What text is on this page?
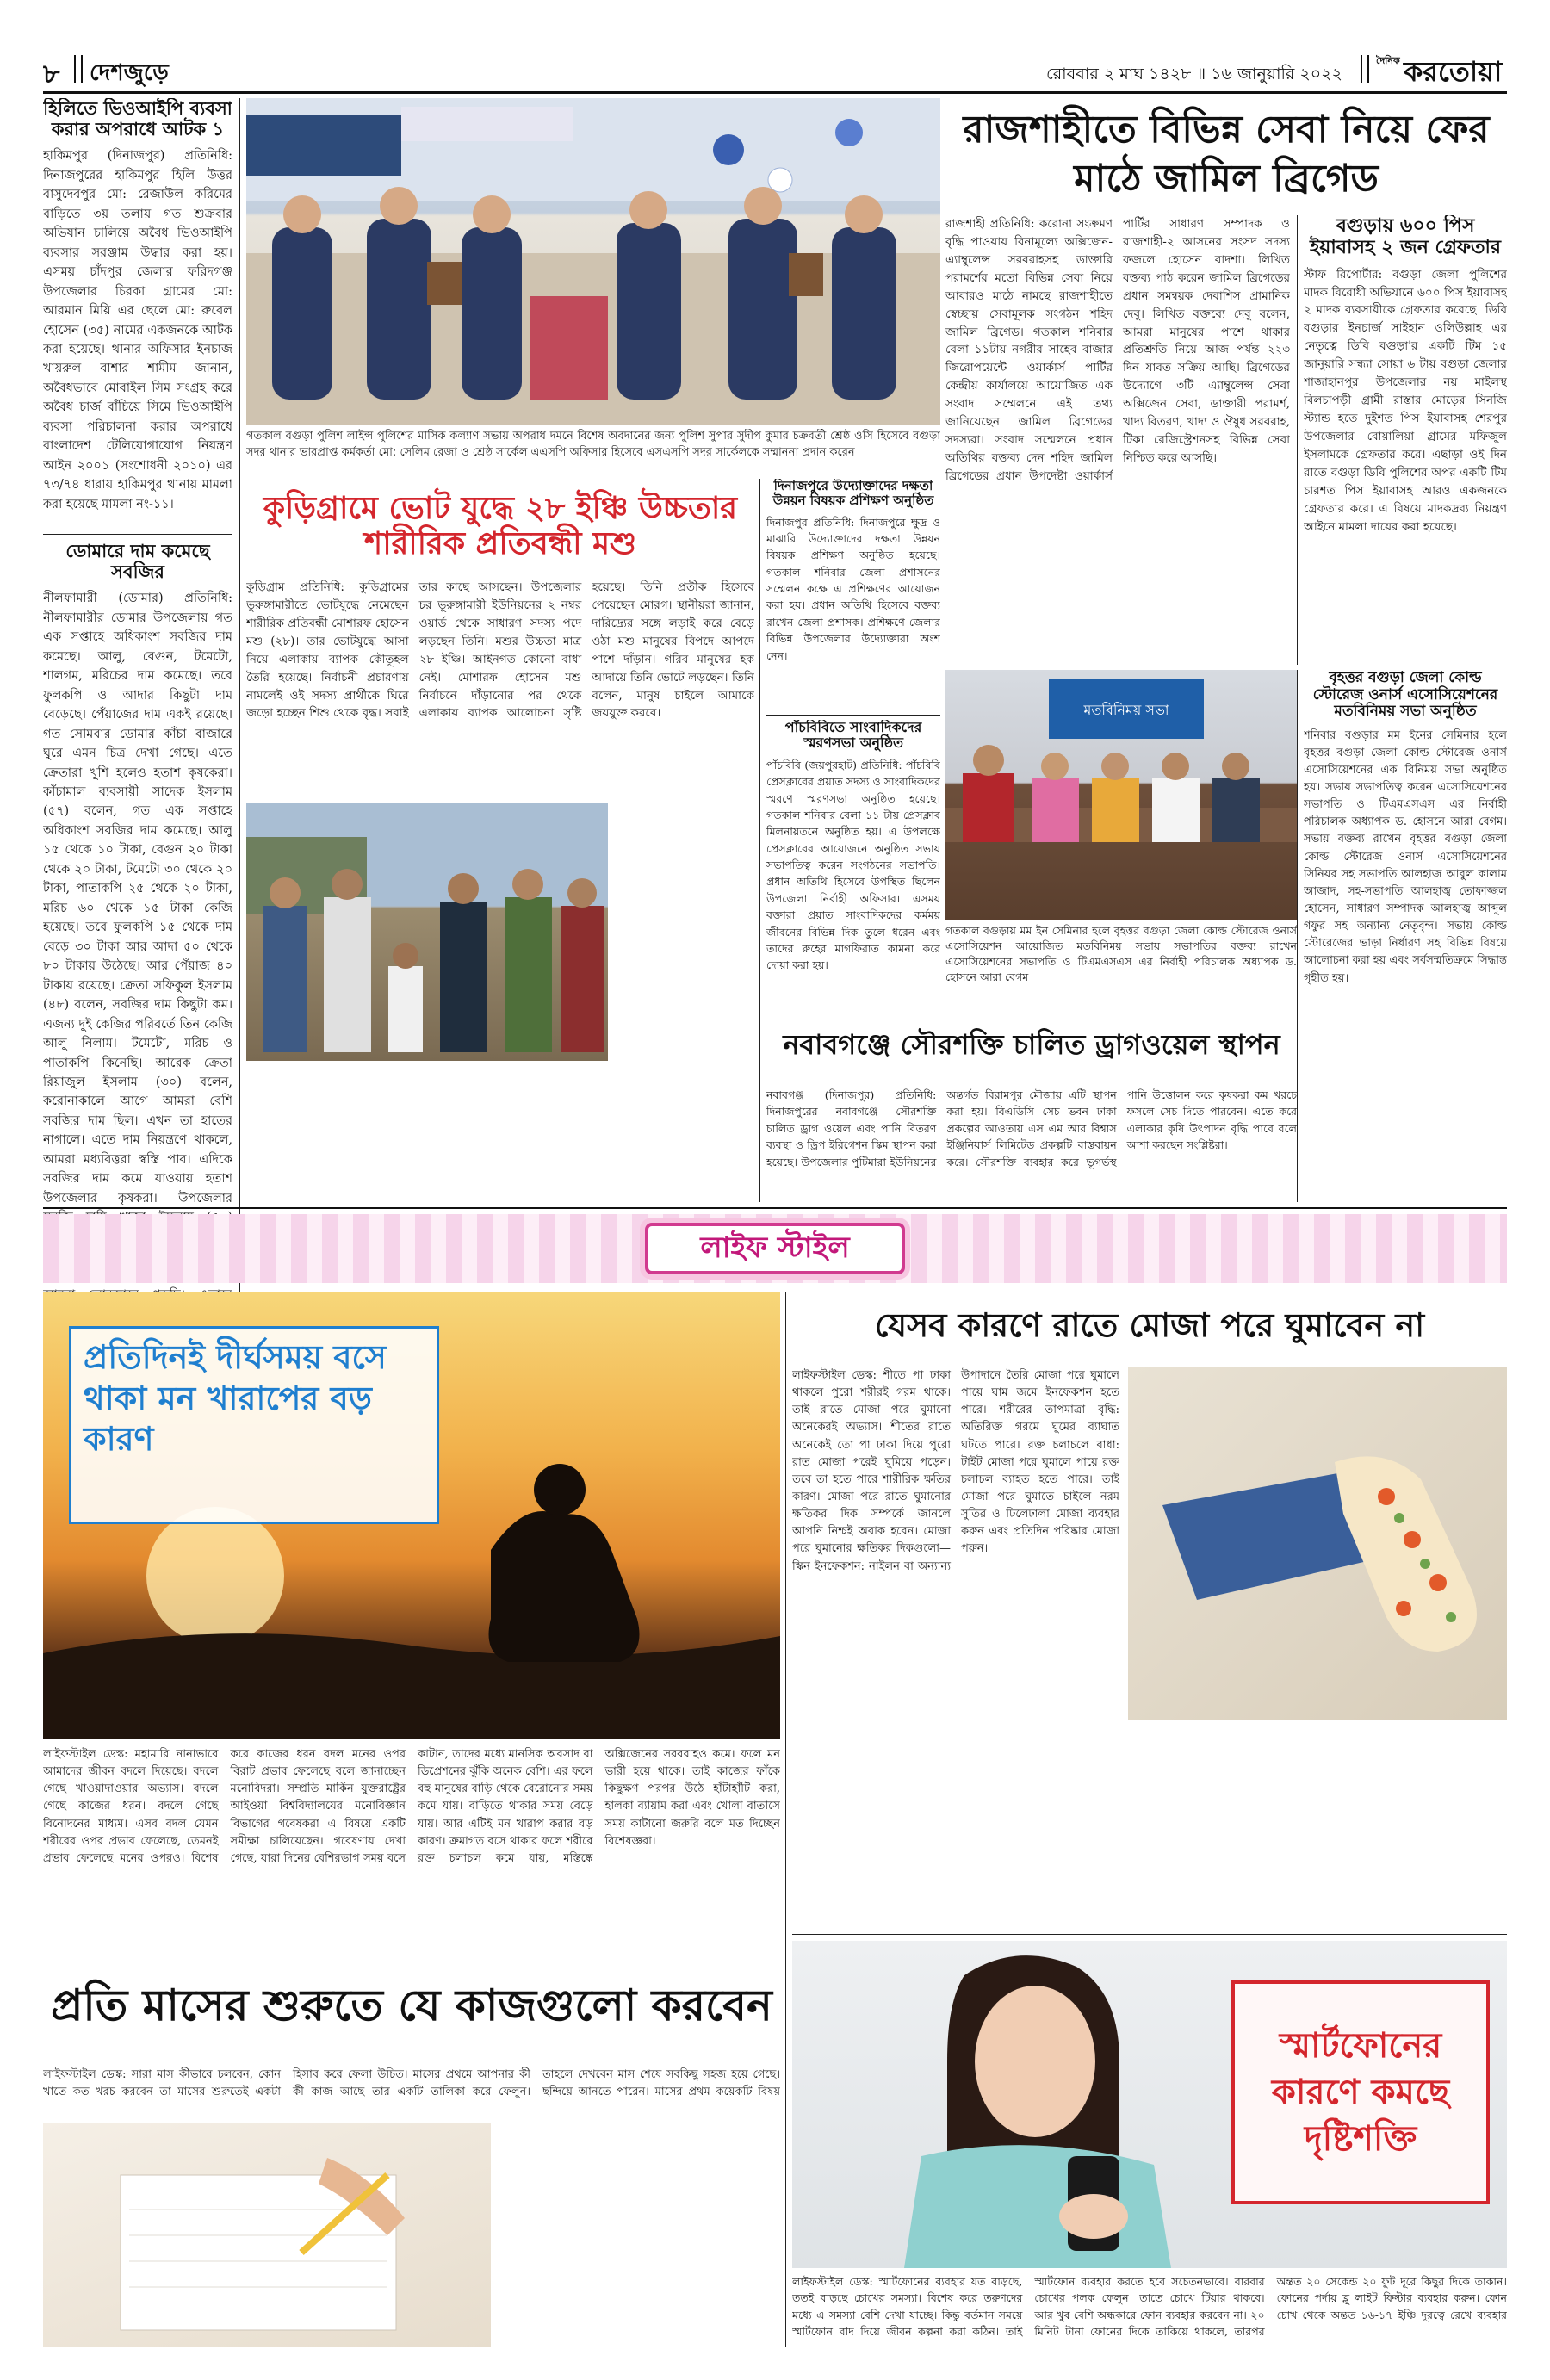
৮ দেশজুড়ে	রোববার ২ মাঘ ১৪২৮ ॥ ১৬ জানুয়ারি ২০২২
দৈনিক করতোয়া
হিলিতে ভিওআইপি ব্যবসা করার অপরাধে আটক ১
হাকিমপুর (দিনাজপুর) প্রতিনিধি: দিনাজপুরের হাকিমপুর হিলি উত্তর বাসুদেবপুর মো: রেজাউল করিমের বাড়িতে ৩য় তলায় গত শুক্রবার অভিযান চালিয়ে অবৈধ ভিওআইপি ব্যবসার সরঞ্জাম উদ্ধার করা হয়। এসময় চাঁদপুর জেলার ফরিদগঞ্জ উপজেলার চিরকা গ্রামের মো: আরমান মিয়ি এর ছেলে মো: রুবেল হোসেন (৩৫) নামের একজনকে আটক করা হয়েছে। থানার অফিসার ইনচার্জ খায়রুল বাশার শামীম জানান, অবৈধভাবে মোবাইল সিম সংগ্রহ করে অবৈধ চার্জ বাঁচিয়ে সিমে ভিওআইপি ব্যবসা পরিচালনা করার অপরাধে বাংলাদেশ টেলিযোগাযোগ নিয়ন্ত্রণ আইন ২০০১ (সংশোধনী ২০১০) এর ৭৩/৭৪ ধারায় হাকিমপুর থানায় মামলা করা হয়েছে মামলা নং-১১।
ডোমারে দাম কমেছে সবজির
নীলফামারী (ডোমার) প্রতিনিধি: নীলফামারীর ডোমার উপজেলায় গত এক সপ্তাহে অধিকাংশ সবজির দাম কমেছে। আলু, বেগুন, টমেটো, শালগম, মরিচের দাম কমেছে। তবে ফুলকপি ও আদার কিছুটা দাম বেড়েছে। পেঁয়াজের দাম একই রয়েছে। গত সোমবার ডোমার কাঁচা বাজারে ঘুরে এমন চিত্র দেখা গেছে। এতে ক্রেতারা খুশি হলেও হতাশ কৃষকেরা। কাঁচামাল ব্যবসায়ী সাদেক ইসলাম (৫৭) বলেন, গত এক সপ্তাহে অধিকাংশ সবজির দাম কমেছে। আলু ১৫ থেকে ১০ টাকা, বেগুন ২০ টাকা থেকে ২০ টাকা, টমেটো ৩০ থেকে ২০ টাকা, পাতাকপি ২৫ থেকে ২০ টাকা, মরিচ ৬০ থেকে ১৫ টাকা কেজি হয়েছে। তবে ফুলকপি ১৫ থেকে দাম বেড়ে ৩০ টাকা আর আদা ৫০ থেকে ৮০ টাকায় উঠেছে। আর পেঁয়াজ ৪০ টাকায় রয়েছে। ক্রেতা সফিকুল ইসলাম (৪৮) বলেন, সবজির দাম কিছুটা কম। এজন্য দুই কেজির পরিবর্তে তিন কেজি আলু নিলাম। টমেটো, মরিচ ও পাতাকপি কিনেছি। আরেক ক্রেতা রিয়াজুল ইসলাম (৩০) বলেন, করোনাকালে আগে আমরা বেশি সবজির দাম ছিল। এখন তা হাতের নাগালে। এতে দাম নিয়ন্ত্রণে থাকলে, আমরা মধ্যবিত্তরা স্বস্তি পাব। এদিকে সবজির দাম কমে যাওয়ায় হতাশ উপজেলার কৃষকরা। উপজেলার
গতকাল বগুড়া পুলিশ লাইন্স পুলিশের মাসিক কল্যাণ সভায় অপরাধ দমনে বিশেষ অবদানের জন্য পুলিশ সুপার সুদীপ কুমার চক্রবর্তী শ্রেষ্ঠ ওসি হিসেবে বগুড়া সদর থানার ভারপ্রাপ্ত কর্মকর্তা মো: সেলিম রেজা ও শ্রেষ্ঠ সার্কেল এএসপি অফিসার হিসেবে এসএসপি সদর সার্কেলকে সম্মাননা প্রদান করেন
রাজশাহীতে বিভিন্ন সেবা নিয়ে ফের মাঠে জামিল ব্রিগেড
রাজশাহী প্রতিনিধি: করোনা সংক্রমণ বৃদ্ধি পাওয়ায় বিনামূল্যে অক্সিজেন-এ্যাম্বুলেন্স সরবরাহসহ ডাক্তারি পরামর্শের মতো বিভিন্ন সেবা নিয়ে আবারও মাঠে নামছে রাজশাহীতে স্বেচ্ছায় সেবামূলক সংগঠন শহিদ জামিল ব্রিগেড। গতকাল শনিবার বেলা ১১টায় নগরীর সাহেব বাজার জিরোপয়েন্টে ওয়ার্কার্স পার্টির কেন্দ্রীয় কার্যালয়ে আয়োজিত এক সংবাদ সম্মেলনে এই তথ্য জানিয়েছেন জামিল ব্রিগেডের সদস্যরা। সংবাদ সম্মেলনে প্রধান অতিথির বক্তব্য দেন শহিদ জামিল ব্রিগেডের প্রধান উপদেষ্টা ওয়ার্কার্স পার্টির সাধারণ সম্পাদক ও রাজশাহী-২ আসনের সংসদ সদস্য ফজলে হোসেন বাদশা। লিখিত বক্তব্য পাঠ করেন জামিল ব্রিগেডের প্রধান সমন্বয়ক দেবাশিস প্রামানিক দেবু। লিখিত বক্তব্যে দেবু বলেন, আমরা মানুষের পাশে থাকার প্রতিশ্রুতি নিয়ে আজ পর্যন্ত ২২৩ দিন যাবত সক্রিয় আছি। ব্রিগেডের উদ্যোগে ৩টি এ্যাম্বুলেন্স সেবা অক্সিজেন সেবা, ডাক্তারী পরামর্শ, খাদ্য বিতরণ, খাদ্য ও ঔষুধ সরবরাহ, টিকা রেজিস্ট্রেশনসহ বিভিন্ন সেবা নিশ্চিত করে আসছি।
বগুড়ায় ৬০০ পিস ইয়াবাসহ ২ জন গ্রেফতার
স্টাফ রিপোর্টার: বগুড়া জেলা পুলিশের মাদক বিরোধী অভিযানে ৬০০ পিস ইয়াবাসহ ২ মাদক ব্যবসায়ীকে গ্রেফতার করেছে। ডিবি বগুড়ার ইনচার্জ সাইহান ওলিউল্লাহ এর নেতৃত্বে ডিবি বগুড়া'র একটি টিম ১৫ জানুয়ারি সন্ধ্যা সোয়া ৬ টায় বগুড়া জেলার শাজাহানপুর উপজেলার নয় মাইলস্থ বিলচাপড়ী গ্রামী রাস্তার মোড়ের সিনজি স্ট্যান্ড হতে দুইশত পিস ইয়াবাসহ শেরপুর উপজেলার বোয়ালিয়া গ্রামের মফিজুল ইসলামকে গ্রেফতার করে। এছাড়া ওই দিন রাতে বগুড়া ডিবি পুলিশের অপর একটি টিম চারশত পিস ইয়াবাসহ আরও একজনকে গ্রেফতার করে। এ বিষয়ে মাদকদ্রব্য নিয়ন্ত্রণ আইনে মামলা দায়ের করা হয়েছে।
কুড়িগ্রামে ভোট যুদ্ধে ২৮ ইঞ্চি উচ্চতার শারীরিক প্রতিবন্ধী মশু
কুড়িগ্রাম প্রতিনিধি: কুড়িগ্রামের ভুরুঙ্গামারীতে ভোটযুদ্ধে নেমেছেন শারীরিক প্রতিবন্ধী মোশারফ হোসেন মশু (২৮)। তার ভোটযুদ্ধে আসা নিয়ে এলাকায় ব্যাপক কৌতূহল তৈরি হয়েছে। নির্বাচনী প্রচারণায় নামলেই ওই সদস্য প্রার্থীকে ঘিরে জড়ো হচ্ছেন শিশু থেকে বৃদ্ধ। সবাই তার কাছে আসছেন। উপজেলার চর ভূরুঙ্গামারী ইউনিয়নের ২ নম্বর ওয়ার্ড থেকে সাধারণ সদস্য পদে লড়ছেন তিনি। মশুর উচ্চতা মাত্র ২৮ ইঞ্চি। আইনগত কোনো বাধা নেই। মোশারফ হোসেন মশু নির্বাচনে দাঁড়ানোর পর থেকে এলাকায় ব্যাপক আলোচনা সৃষ্টি হয়েছে। তিনি প্রতীক হিসেবে পেয়েছেন মোরগ। স্থানীয়রা জানান, দারিদ্র্যের সঙ্গে লড়াই করে বেড়ে ওঠা মশু মানুষের বিপদে আপদে পাশে দাঁড়ান। গরিব মানুষের হক আদায়ে তিনি ভোটে লড়ছেন। তিনি বলেন, মানুষ চাইলে আমাকে জয়যুক্ত করবে।
দিনাজপুরে উদ্যোক্তাদের দক্ষতা উন্নয়ন বিষয়ক প্রশিক্ষণ অনুষ্ঠিত
দিনাজপুর প্রতিনিধি: দিনাজপুরে ক্ষুদ্র ও মাঝারি উদ্যোক্তাদের দক্ষতা উন্নয়ন বিষয়ক প্রশিক্ষণ অনুষ্ঠিত হয়েছে। গতকাল শনিবার জেলা প্রশাসনের সম্মেলন কক্ষে এ প্রশিক্ষণের আয়োজন করা হয়। প্রধান অতিথি হিসেবে বক্তব্য রাখেন জেলা প্রশাসক। প্রশিক্ষণে জেলার বিভিন্ন উপজেলার উদ্যোক্তারা অংশ নেন।
পাঁচবিবিতে সাংবাদিকদের স্মরণসভা অনুষ্ঠিত
পাঁচবিবি (জয়পুরহাট) প্রতিনিধি: পাঁচবিবি প্রেসক্লাবের প্রয়াত সদস্য ও সাংবাদিকদের স্মরণে স্মরণসভা অনুষ্ঠিত হয়েছে। গতকাল শনিবার বেলা ১১ টায় প্রেসক্লাব মিলনায়তনে অনুষ্ঠিত হয়। এ উপলক্ষে প্রেসক্লাবের আয়োজনে অনুষ্ঠিত সভায় সভাপতিত্ব করেন সংগঠনের সভাপতি। প্রধান অতিথি হিসেবে উপস্থিত ছিলেন উপজেলা নির্বাহী অফিসার। এসময় বক্তারা প্রয়াত সাংবাদিকদের কর্মময় জীবনের বিভিন্ন দিক তুলে ধরেন এবং তাদের রুহের মাগফিরাত কামনা করে দোয়া করা হয়।
মতবিনিময় সভা
গতকাল বগুড়ায় মম ইন সেমিনার হলে বৃহত্তর বগুড়া জেলা কোল্ড স্টোরেজ ওনার্স এসোসিয়েশন আয়োজিত মতবিনিময় সভায় সভাপতির বক্তব্য রাখেন এসোসিয়েশনের সভাপতি ও টিএমএসএস এর নির্বাহী পরিচালক অধ্যাপক ড. হোসনে আরা বেগম
বৃহত্তর বগুড়া জেলা কোল্ড স্টোরেজ ওনার্স এসোসিয়েশনের মতবিনিময় সভা অনুষ্ঠিত
শনিবার বগুড়ার মম ইনের সেমিনার হলে বৃহত্তর বগুড়া জেলা কোল্ড স্টোরেজ ওনার্স এসোসিয়েশনের এক বিনিময় সভা অনুষ্ঠিত হয়। সভায় সভাপতিত্ব করেন এসোসিয়েশনের সভাপতি ও টিএমএসএস এর নির্বাহী পরিচালক অধ্যাপক ড. হোসনে আরা বেগম। সভায় বক্তব্য রাখেন বৃহত্তর বগুড়া জেলা কোল্ড স্টোরেজ ওনার্স এসোসিয়েশনের সিনিয়র সহ সভাপতি আলহাজ আবুল কালাম আজাদ, সহ-সভাপতি আলহাজ্ব তোফাজ্জল হোসেন, সাধারণ সম্পাদক আলহাজ্ব আব্দুল গফুর সহ অন্যান্য নেতৃবৃন্দ। সভায় কোল্ড স্টোরেজের ভাড়া নির্ধারণ সহ বিভিন্ন বিষয়ে আলোচনা করা হয় এবং সর্বসম্মতিক্রমে সিদ্ধান্ত গৃহীত হয়।
নবাবগঞ্জে সৌরশক্তি চালিত ড্রাগওয়েল স্থাপন
নবাবগঞ্জ (দিনাজপুর) প্রতিনিধি: দিনাজপুরের নবাবগঞ্জে সৌরশক্তি চালিত ড্রাগ ওয়েল এবং পানি বিতরণ ব্যবস্থা ও ড্রিপ ইরিগেশন স্কিম স্থাপন করা হয়েছে। উপজেলার পুটিমারা ইউনিয়নের অন্তর্গত বিরামপুর মৌজায় এটি স্থাপন করা হয়। বিএডিসি সেচ ভবন ঢাকা প্রকল্পের আওতায় এস এম আর বিশ্বাস ইঞ্জিনিয়ার্স লিমিটেড প্রকল্পটি বাস্তবায়ন করে। সৌরশক্তি ব্যবহার করে ভূগর্ভস্থ পানি উত্তোলন করে কৃষকরা কম খরচে ফসলে সেচ দিতে পারবেন। এতে করে এলাকার কৃষি উৎপাদন বৃদ্ধি পাবে বলে আশা করছেন সংশ্লিষ্টরা।
লাইফ স্টাইল
প্রতিদিনই দীর্ঘসময় বসে থাকা মন খারাপের বড় কারণ
লাইফস্টাইল ডেস্ক: মহামারি নানাভাবে আমাদের জীবন বদলে দিয়েছে। বদলে গেছে খাওয়াদাওয়ার অভ্যাস। বদলে গেছে কাজের ধরন। বদলে গেছে বিনোদনের মাধ্যম। এসব বদল যেমন শরীরের ওপর প্রভাব ফেলেছে, তেমনই প্রভাব ফেলেছে মনের ওপরও। বিশেষ করে কাজের ধরন বদল মনের ওপর বিরাট প্রভাব ফেলেছে বলে জানাচ্ছেন মনোবিদরা। সম্প্রতি মার্কিন যুক্তরাষ্ট্রের আইওয়া বিশ্ববিদ্যালয়ের মনোবিজ্ঞান বিভাগের গবেষকরা এ বিষয়ে একটি সমীক্ষা চালিয়েছেন। গবেষণায় দেখা গেছে, যারা দিনের বেশিরভাগ সময় বসে কাটান, তাদের মধ্যে মানসিক অবসাদ বা ডিপ্রেশনের ঝুঁকি অনেক বেশি। এর ফলে বহু মানুষের বাড়ি থেকে বেরোনোর সময় কমে যায়। বাড়িতে থাকার সময় বেড়ে যায়। আর এটিই মন খারাপ করার বড় কারণ। ক্রমাগত বসে থাকার ফলে শরীরে রক্ত চলাচল কমে যায়, মস্তিষ্কে অক্সিজেনের সরবরাহও কমে। ফলে মন ভারী হয়ে থাকে। তাই কাজের ফাঁকে কিছুক্ষণ পরপর উঠে হাঁটাহাঁটি করা, হালকা ব্যায়াম করা এবং খোলা বাতাসে সময় কাটানো জরুরি বলে মত দিচ্ছেন বিশেষজ্ঞরা।
যেসব কারণে রাতে মোজা পরে ঘুমাবেন না
লাইফস্টাইল ডেস্ক: শীতে পা ঢাকা থাকলে পুরো শরীরই গরম থাকে। তাই রাতে মোজা পরে ঘুমানো অনেকেরই অভ্যাস। শীতের রাতে অনেকেই তো পা ঢাকা দিয়ে পুরো রাত মোজা পরেই ঘুমিয়ে পড়েন। তবে তা হতে পারে শারীরিক ক্ষতির কারণ। মোজা পরে রাতে ঘুমানোর ক্ষতিকর দিক সম্পর্কে জানলে আপনি নিশ্চই অবাক হবেন। মোজা পরে ঘুমানোর ক্ষতিকর দিকগুলো— স্কিন ইনফেকশন: নাইলন বা অন্যান্য উপাদানে তৈরি মোজা পরে ঘুমালে পায়ে ঘাম জমে ইনফেকশন হতে পারে। শরীরের তাপমাত্রা বৃদ্ধি: অতিরিক্ত গরমে ঘুমের ব্যাঘাত ঘটতে পারে। রক্ত চলাচলে বাধা: টাইট মোজা পরে ঘুমালে পায়ে রক্ত চলাচল ব্যাহত হতে পারে। তাই মোজা পরে ঘুমাতে চাইলে নরম সুতির ও ঢিলেঢালা মোজা ব্যবহার করুন এবং প্রতিদিন পরিষ্কার মোজা পরুন।
প্রতি মাসের শুরুতে যে কাজগুলো করবেন
লাইফস্টাইল ডেস্ক: সারা মাস কীভাবে চলবেন, কোন খাতে কত খরচ করবেন তা মাসের শুরুতেই একটা হিসাব করে ফেলা উচিত। মাসের প্রথমে আপনার কী কী কাজ আছে তার একটি তালিকা করে ফেলুন। তাহলে দেখবেন মাস শেষে সবকিছু সহজ হয়ে গেছে। ছন্দিয়ে আনতে পারেন। মাসের প্রথম কয়েকটি বিষয়
স্মার্টফোনের কারণে কমছে দৃষ্টিশক্তি
লাইফস্টাইল ডেস্ক: স্মার্টফোনের ব্যবহার যত বাড়ছে, ততই বাড়ছে চোখের সমস্যা। বিশেষ করে তরুণদের মধ্যে এ সমস্যা বেশি দেখা যাচ্ছে। কিন্তু বর্তমান সময়ে স্মার্টফোন বাদ দিয়ে জীবন কল্পনা করা কঠিন। তাই স্মার্টফোন ব্যবহার করতে হবে সচেতনভাবে। বারবার চোখের পলক ফেলুন। তাতে চোখে টিয়ার থাকবে। আর খুব বেশি অন্ধকারে ফোন ব্যবহার করবেন না। ২০ মিনিট টানা ফোনের দিকে তাকিয়ে থাকলে, তারপর অন্তত ২০ সেকেন্ড ২০ ফুট দূরে কিছুর দিকে তাকান। ফোনের পর্দায় ব্লু লাইট ফিল্টার ব্যবহার করুন। ফোন চোখ থেকে অন্তত ১৬-১৭ ইঞ্চি দূরত্বে রেখে ব্যবহার
